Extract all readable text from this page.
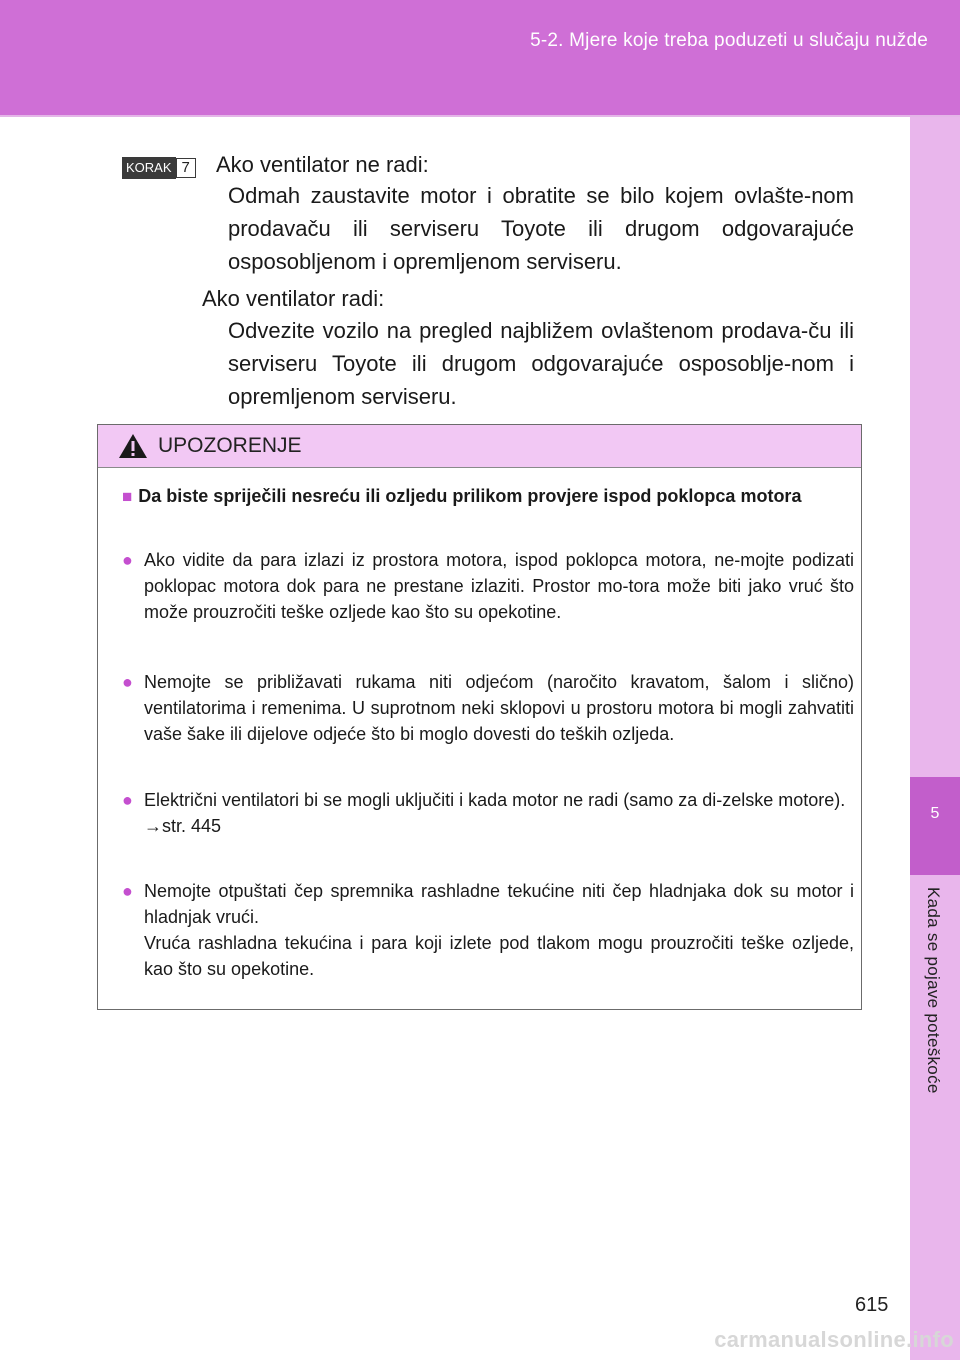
5-2. Mjere koje treba poduzeti u slučaju nužde
5
Kada se pojave poteškoće
KORAK 7 Ako ventilator ne radi:
Odmah zaustavite motor i obratite se bilo kojem ovlašte-nom prodavaču ili serviseru Toyote ili drugom odgovarajuće osposobljenom i opremljenom serviseru.
Ako ventilator radi:
Odvezite vozilo na pregled najbližem ovlaštenom prodava-ču ili serviseru Toyote ili drugom odgovarajuće osposoblje-nom i opremljenom serviseru.
UPOZORENJE
■ Da biste spriječili nesreću ili ozljedu prilikom provjere ispod poklopca motora
● Ako vidite da para izlazi iz prostora motora, ispod poklopca motora, ne-mojte podizati poklopac motora dok para ne prestane izlaziti. Prostor mo-tora može biti jako vruć što može prouzročiti teške ozljede kao što su opekotine.
● Nemojte se približavati rukama niti odjećom (naročito kravatom, šalom i slično) ventilatorima i remenima. U suprotnom neki sklopovi u prostoru motora bi mogli zahvatiti vaše šake ili dijelove odjeće što bi moglo dovesti do teških ozljeda.
● Električni ventilatori bi se mogli uključiti i kada motor ne radi (samo za di-zelske motore).
→str. 445
● Nemojte otpuštati čep spremnika rashladne tekućine niti čep hladnjaka dok su motor i hladnjak vrući.
Vruća rashladna tekućina i para koji izlete pod tlakom mogu prouzročiti teške ozljede, kao što su opekotine.
615
carmanualsonline.info
